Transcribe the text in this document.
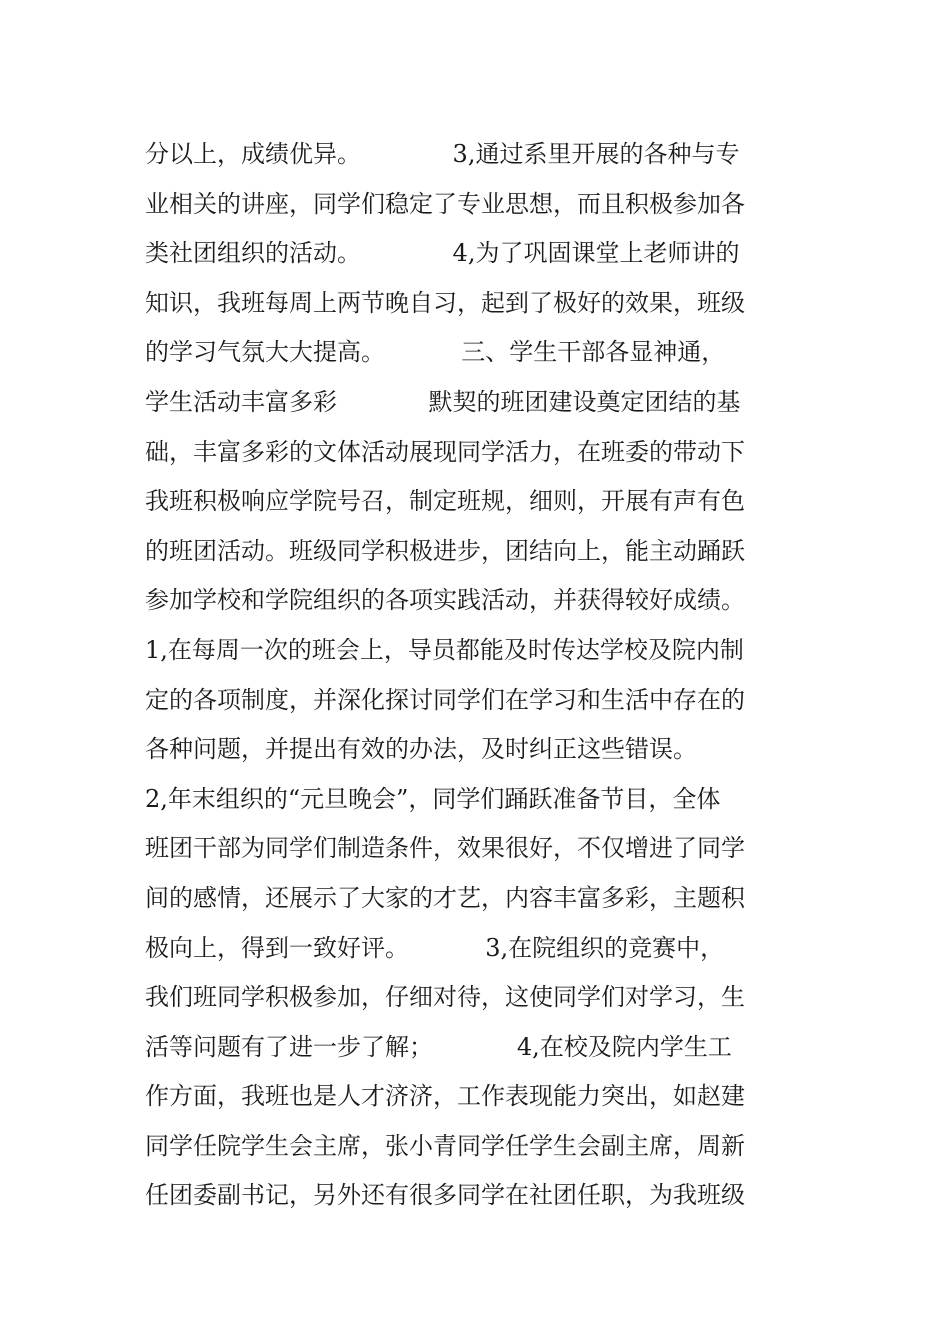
分以上，成绩优异。            3,通过系里开展的各种与专
业相关的讲座，同学们稳定了专业思想，而且积极参加各
类社团组织的活动。            4,为了巩固课堂上老师讲的
知识，我班每周上两节晚自习，起到了极好的效果，班级
的学习气氛大大提高。          三、学生干部各显神通，
学生活动丰富多彩            默契的班团建设奠定团结的基
础，丰富多彩的文体活动展现同学活力，在班委的带动下
我班积极响应学院号召，制定班规，细则，开展有声有色
的班团活动。班级同学积极进步，团结向上，能主动踊跃
参加学校和学院组织的各项实践活动，并获得较好成绩。
1,在每周一次的班会上，导员都能及时传达学校及院内制
定的各项制度，并深化探讨同学们在学习和生活中存在的
各种问题，并提出有效的办法，及时纠正这些错误。
2,年末组织的“元旦晚会”，同学们踊跃准备节目，全体
班团干部为同学们制造条件，效果很好，不仅增进了同学
间的感情，还展示了大家的才艺，内容丰富多彩，主题积
极向上，得到一致好评。          3,在院组织的竞赛中，
我们班同学积极参加，仔细对待，这使同学们对学习，生
活等问题有了进一步了解；           4,在校及院内学生工
作方面，我班也是人才济济，工作表现能力突出，如赵建
同学任院学生会主席，张小青同学任学生会副主席，周新
任团委副书记，另外还有很多同学在社团任职，为我班级
